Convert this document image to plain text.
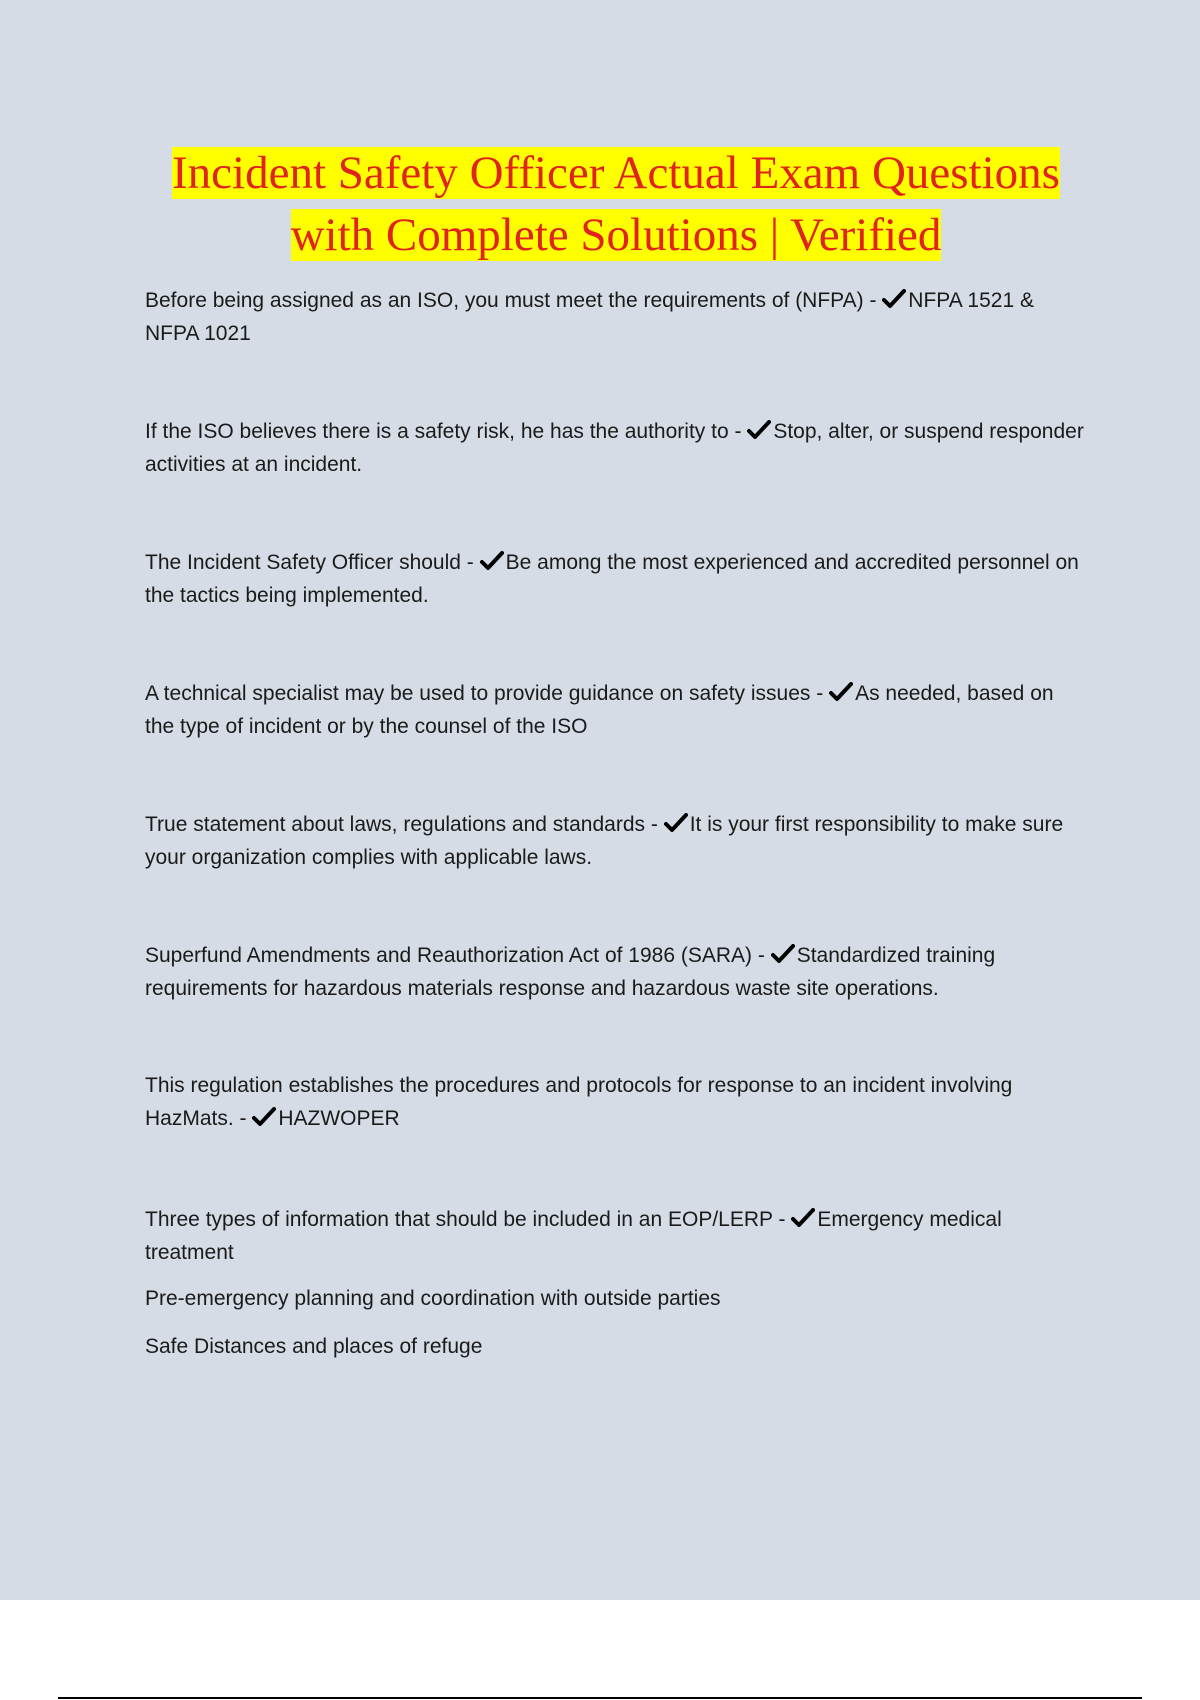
Incident Safety Officer Actual Exam Questions
with Complete Solutions | Verified
Before being assigned as an ISO, you must meet the requirements of (NFPA) -
NFPA 1521 & NFPA 1021
If the ISO believes there is a safety risk, he has the authority to -
Stop, alter, or suspend responder activities at an incident.
The Incident Safety Officer should -
Be among the most experienced and accredited personnel on the tactics being implemented.
A technical specialist may be used to provide guidance on safety issues -
As needed, based on the type of incident or by the counsel of the ISO
True statement about laws, regulations and standards -
It is your first responsibility to make sure your organization complies with applicable laws.
Superfund Amendments and Reauthorization Act of 1986 (SARA) -
Standardized training requirements for hazardous materials response and hazardous waste site operations.
This regulation establishes the procedures and protocols for response to an incident involving HazMats. -
HAZWOPER
Three types of information that should be included in an EOP/LERP -
Emergency medical treatment
Pre-emergency planning and coordination with outside parties
Safe Distances and places of refuge
